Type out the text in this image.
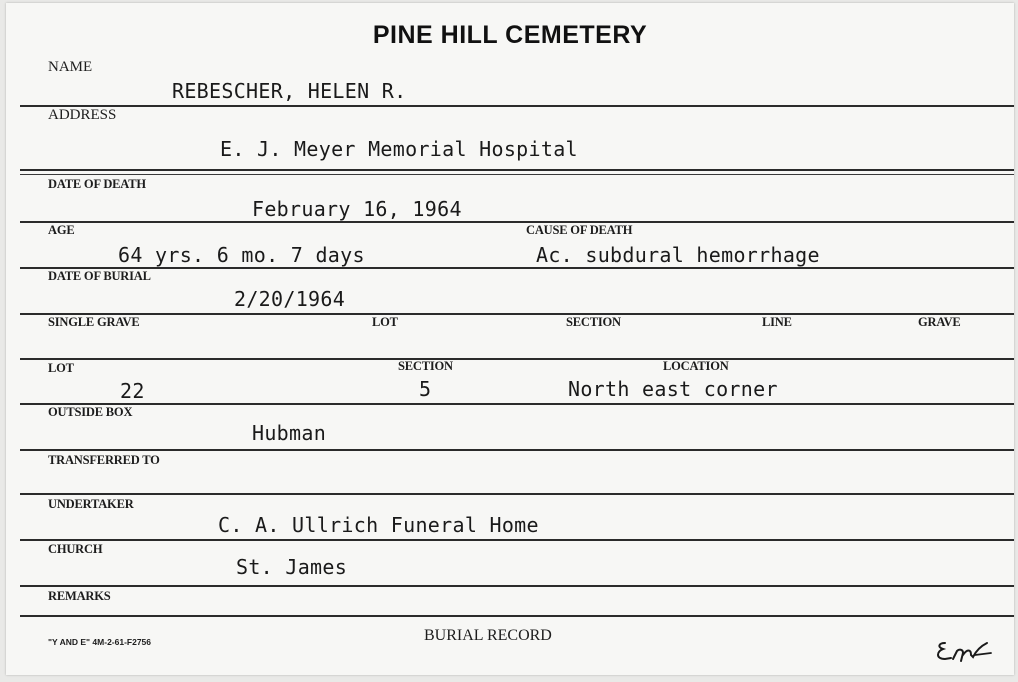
PINE HILL CEMETERY
NAME
REBESCHER, HELEN R.
ADDRESS
E. J. Meyer Memorial Hospital
DATE OF DEATH
February 16, 1964
AGE	CAUSE OF DEATH
64 yrs. 6 mo. 7 days	Ac. subdural hemorrhage
DATE OF BURIAL
2/20/1964
SINGLE GRAVE	LOT	SECTION	LINE	GRAVE
LOT	SECTION	LOCATION
22	5	North east corner
OUTSIDE BOX
Hubman
TRANSFERRED TO
UNDERTAKER
C. A. Ullrich Funeral Home
CHURCH
St. James
REMARKS
"Y AND E" 4M-2-61-F2756	BURIAL RECORD
